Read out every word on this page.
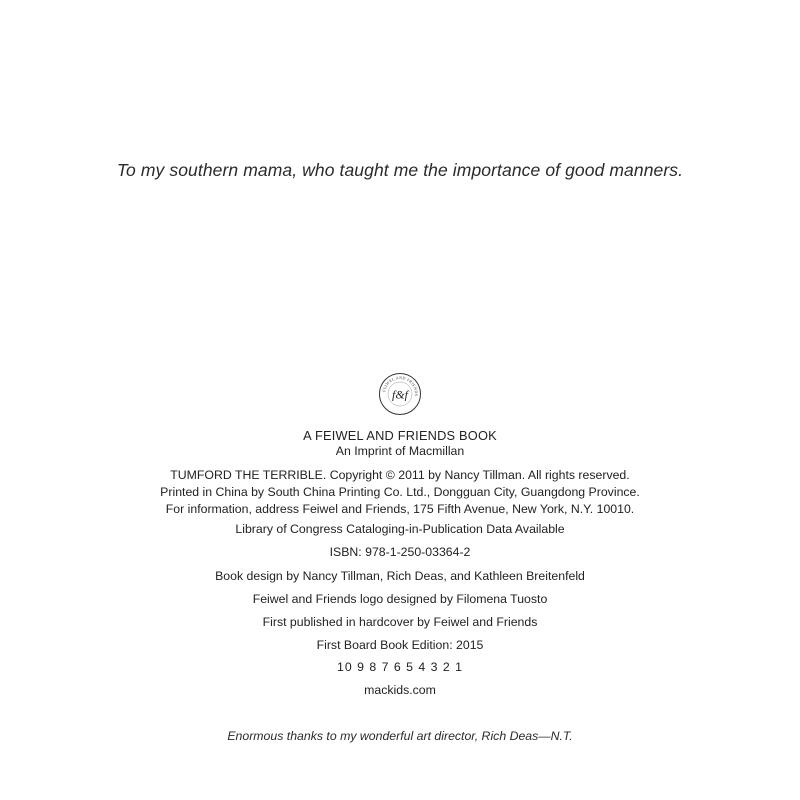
To my southern mama, who taught me the importance of good manners.
FEIWEL AND FRIENDS
f&f
A FEIWEL AND FRIENDS BOOK
An Imprint of Macmillan
TUMFORD THE TERRIBLE. Copyright © 2011 by Nancy Tillman. All rights reserved.
Printed in China by South China Printing Co. Ltd., Dongguan City, Guangdong Province.
For information, address Feiwel and Friends, 175 Fifth Avenue, New York, N.Y. 10010.
Library of Congress Cataloging-in-Publication Data Available
ISBN: 978-1-250-03364-2
Book design by Nancy Tillman, Rich Deas, and Kathleen Breitenfeld
Feiwel and Friends logo designed by Filomena Tuosto
First published in hardcover by Feiwel and Friends
First Board Book Edition: 2015
10 9 8 7 6 5 4 3 2 1
mackids.com
Enormous thanks to my wonderful art director, Rich Deas—N.T.
